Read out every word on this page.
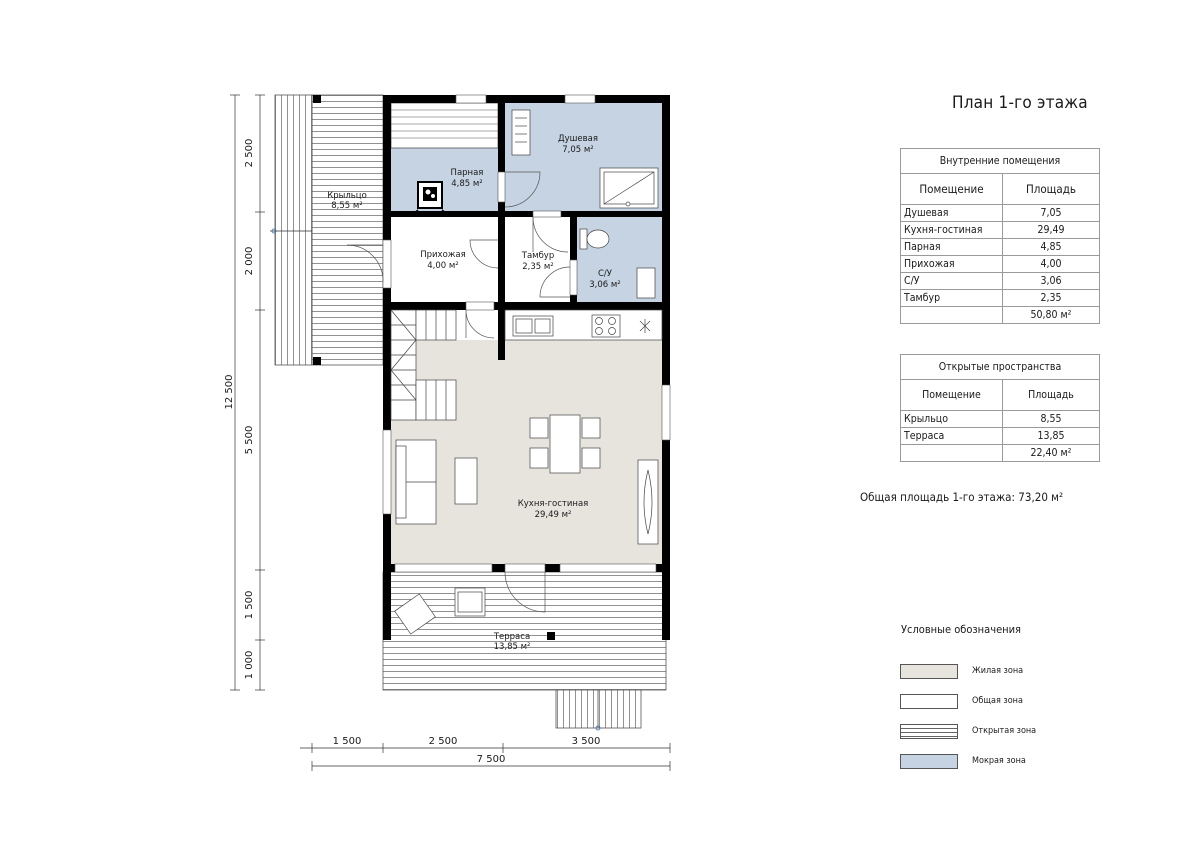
Душевая
7,05 м²
Парная
4,85 м²
Прихожая
4,00 м²
Тамбур
2,35 м²
С/У
3,06 м²
Кухня-гостиная
29,49 м²
Крыльцо
8,55 м²
Терраса
13,85 м²
2 500
2 000
5 500
1 500
1 000
12 500
1 500	2 500	3 500
7 500
План 1-го этажа
Внутренние помещения	
Помещение	Площадь
Душевая	7,05
Кухня-гостиная	29,49
Парная	4,85
Прихожая	4,00
С/У	3,06
Тамбур	2,35
	50,80 м²
Открытые пространства	
Помещение	Площадь
Крыльцо	8,55
Терраса	13,85
	22,40 м²
Общая площадь 1-го этажа: 73,20 м²
Условные обозначения
Жилая зона
Общая зона
Открытая зона
Мокрая зона
